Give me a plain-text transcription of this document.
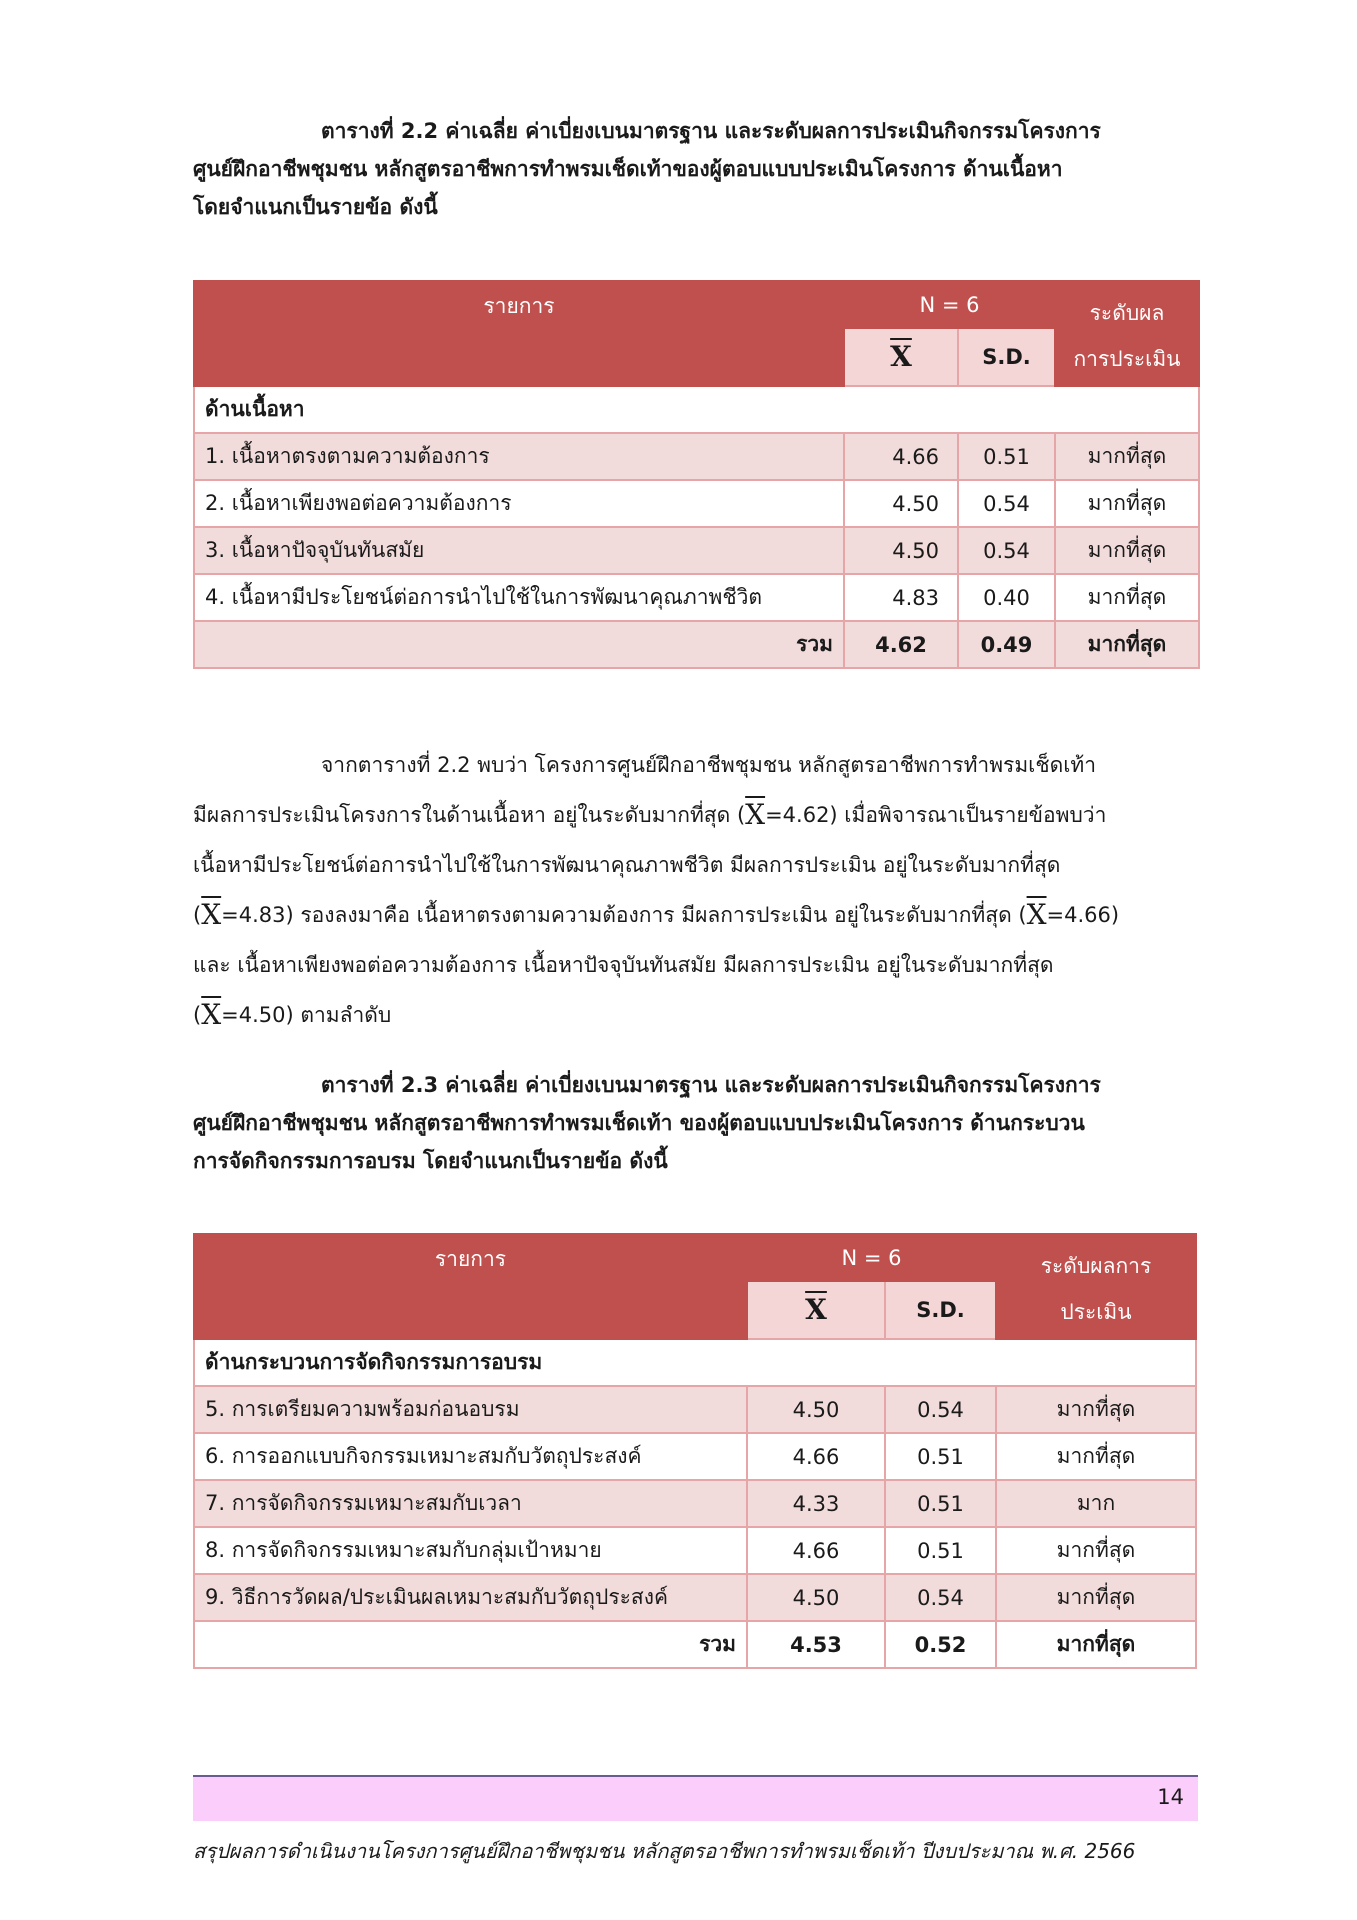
ตารางที่ 2.2 ค่าเฉลี่ย ค่าเบี่ยงเบนมาตรฐาน และระดับผลการประเมินกิจกรรมโครงการ
ศูนย์ฝึกอาชีพชุมชน หลักสูตรอาชีพการทำพรมเช็ดเท้าของผู้ตอบแบบประเมินโครงการ ด้านเนื้อหา
โดยจำแนกเป็นรายข้อ ดังนี้
รายการ	N = 6		ระดับผล
การประเมิน
	$\overline{X}$	S.D.	
ด้านเนื้อหา			
1. เนื้อหาตรงตามความต้องการ	4.66	0.51	มากที่สุด
2. เนื้อหาเพียงพอต่อความต้องการ	4.50	0.54	มากที่สุด
3. เนื้อหาปัจจุบันทันสมัย	4.50	0.54	มากที่สุด
4. เนื้อหามีประโยชน์ต่อการนำไปใช้ในการพัฒนาคุณภาพชีวิต	4.83	0.40	มากที่สุด
รวม	4.62	0.49	มากที่สุด
จากตารางที่ 2.2 พบว่า โครงการศูนย์ฝึกอาชีพชุมชน หลักสูตรอาชีพการทำพรมเช็ดเท้า
มีผลการประเมินโครงการในด้านเนื้อหา อยู่ในระดับมากที่สุด $(\overline{X}=4.62)$ เมื่อพิจารณาเป็นรายข้อพบว่า
เนื้อหามีประโยชน์ต่อการนำไปใช้ในการพัฒนาคุณภาพชีวิต มีผลการประเมิน อยู่ในระดับมากที่สุด
$(\overline{X}=4.83)$ รองลงมาคือ เนื้อหาตรงตามความต้องการ มีผลการประเมิน อยู่ในระดับมากที่สุด $(\overline{X}=4.66)$
และ เนื้อหาเพียงพอต่อความต้องการ เนื้อหาปัจจุบันทันสมัย มีผลการประเมิน อยู่ในระดับมากที่สุด
$(\overline{X}=4.50)$ ตามลำดับ
ตารางที่ 2.3 ค่าเฉลี่ย ค่าเบี่ยงเบนมาตรฐาน และระดับผลการประเมินกิจกรรมโครงการ
ศูนย์ฝึกอาชีพชุมชน หลักสูตรอาชีพการทำพรมเช็ดเท้า ของผู้ตอบแบบประเมินโครงการ ด้านกระบวน
การจัดกิจกรรมการอบรม โดยจำแนกเป็นรายข้อ ดังนี้
รายการ	N = 6		ระดับผลการ
ประเมิน
	$\overline{X}$	S.D.	
ด้านกระบวนการจัดกิจกรรมการอบรม			
5. การเตรียมความพร้อมก่อนอบรม	4.50	0.54	มากที่สุด
6. การออกแบบกิจกรรมเหมาะสมกับวัตถุประสงค์	4.66	0.51	มากที่สุด
7. การจัดกิจกรรมเหมาะสมกับเวลา	4.33	0.51	มาก
8. การจัดกิจกรรมเหมาะสมกับกลุ่มเป้าหมาย	4.66	0.51	มากที่สุด
9. วิธีการวัดผล/ประเมินผลเหมาะสมกับวัตถุประสงค์	4.50	0.54	มากที่สุด
รวม	4.53	0.52	มากที่สุด
14
สรุปผลการดำเนินงานโครงการศูนย์ฝึกอาชีพชุมชน หลักสูตรอาชีพการทำพรมเช็ดเท้า ปีงบประมาณ พ.ศ. 2566
